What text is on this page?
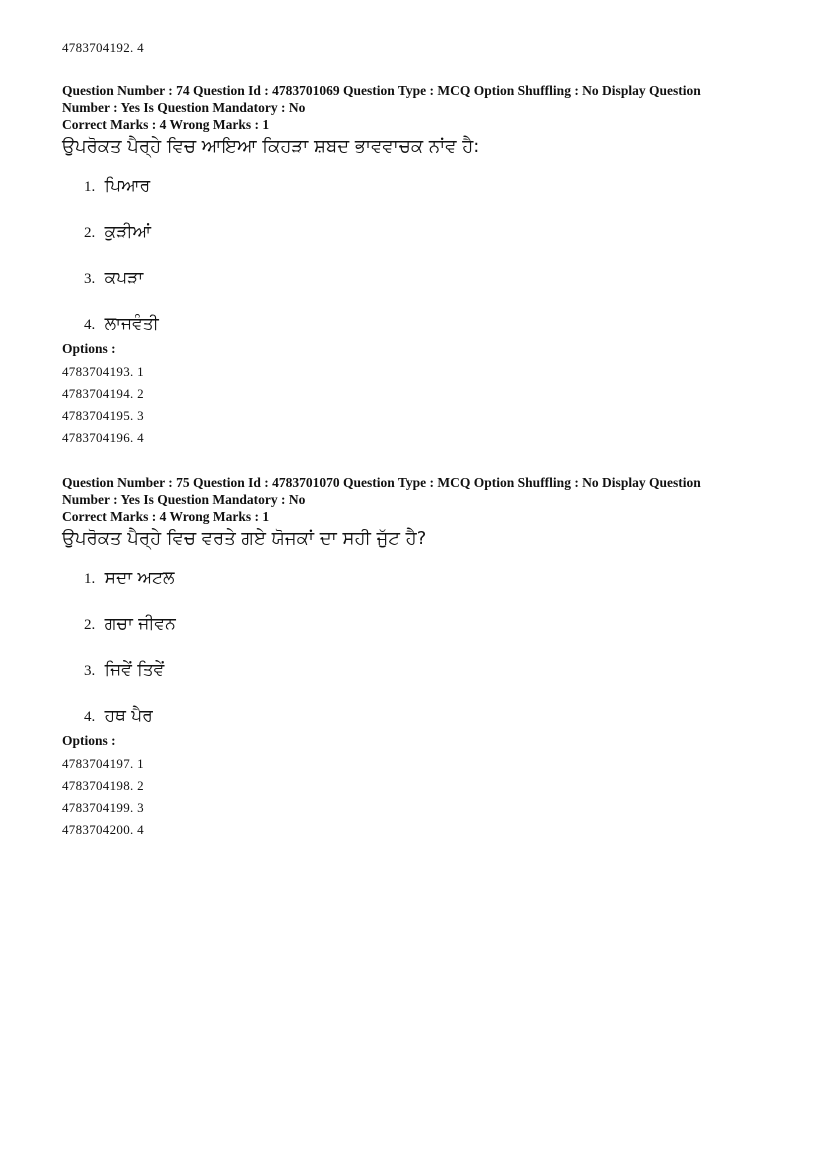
4783704192. 4
Question Number : 74 Question Id : 4783701069 Question Type : MCQ Option Shuffling : No Display Question
Number : Yes Is Question Mandatory : No
Correct Marks : 4 Wrong Marks : 1
ਉਪਰੋਕਤ ਪੈਰ੍ਹੇ ਵਿਚ ਆਇਆ ਕਿਹੜਾ ਸ਼ਬਦ ਭਾਵਵਾਚਕ ਨਾਂਵ ਹੈ:
1. ਪਿਆਰ
2. ਕੁੜੀਆਂ
3. ਕਪੜਾ
4. ਲਾਜਵੰਤੀ
Options :
4783704193. 1
4783704194. 2
4783704195. 3
4783704196. 4
Question Number : 75 Question Id : 4783701070 Question Type : MCQ Option Shuffling : No Display Question
Number : Yes Is Question Mandatory : No
Correct Marks : 4 Wrong Marks : 1
ਉਪਰੋਕਤ ਪੈਰ੍ਹੇ ਵਿਚ ਵਰਤੇ ਗਏ ਯੋਜਕਾਂ ਦਾ ਸਹੀ ਜੁੱਟ ਹੈ?
1. ਸਦਾ ਅਟਲ
2. ਗਚਾ ਜੀਵਨ
3. ਜਿਵੇਂ ਤਿਵੇਂ
4. ਹਥ ਪੈਰ
Options :
4783704197. 1
4783704198. 2
4783704199. 3
4783704200. 4
